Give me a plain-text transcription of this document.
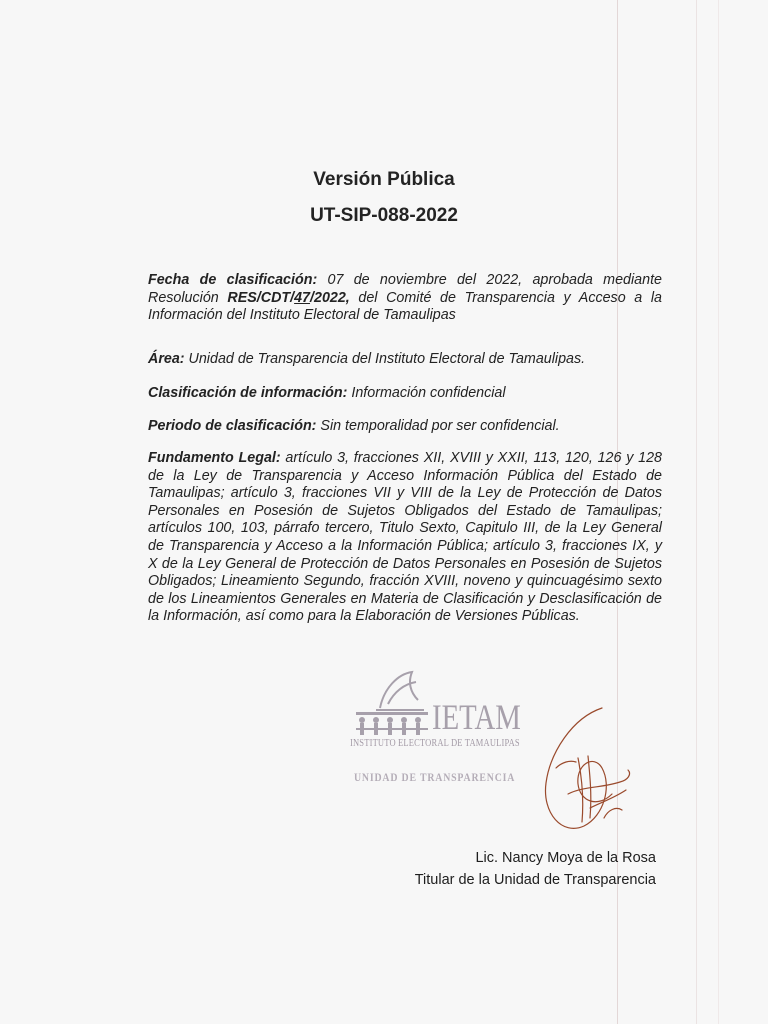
Versión Pública
UT-SIP-088-2022
Fecha de clasificación: 07 de noviembre del 2022, aprobada mediante Resolución RES/CDT/47/2022, del Comité de Transparencia y Acceso a la Información del Instituto Electoral de Tamaulipas
Área: Unidad de Transparencia del Instituto Electoral de Tamaulipas.
Clasificación de información: Información confidencial
Periodo de clasificación: Sin temporalidad por ser confidencial.
Fundamento Legal: artículo 3, fracciones XII, XVIII y XXII, 113, 120, 126 y 128 de la Ley de Transparencia y Acceso Información Pública del Estado de Tamaulipas; artículo 3, fracciones VII y VIII de la Ley de Protección de Datos Personales en Posesión de Sujetos Obligados del Estado de Tamaulipas; artículos 100, 103, párrafo tercero, Titulo Sexto, Capitulo III, de la Ley General de Transparencia y Acceso a la Información Pública; artículo 3, fracciones IX, y X de la Ley General de Protección de Datos Personales en Posesión de Sujetos Obligados; Lineamiento Segundo, fracción XVIII, noveno y quincuagésimo sexto de los Lineamientos Generales en Materia de Clasificación y Desclasificación de la Información, así como para la Elaboración de Versiones Públicas.
IETAM
INSTITUTO ELECTORAL DE TAMAULIPAS
UNIDAD DE TRANSPARENCIA
Lic. Nancy Moya de la Rosa
Titular de la Unidad de Transparencia
